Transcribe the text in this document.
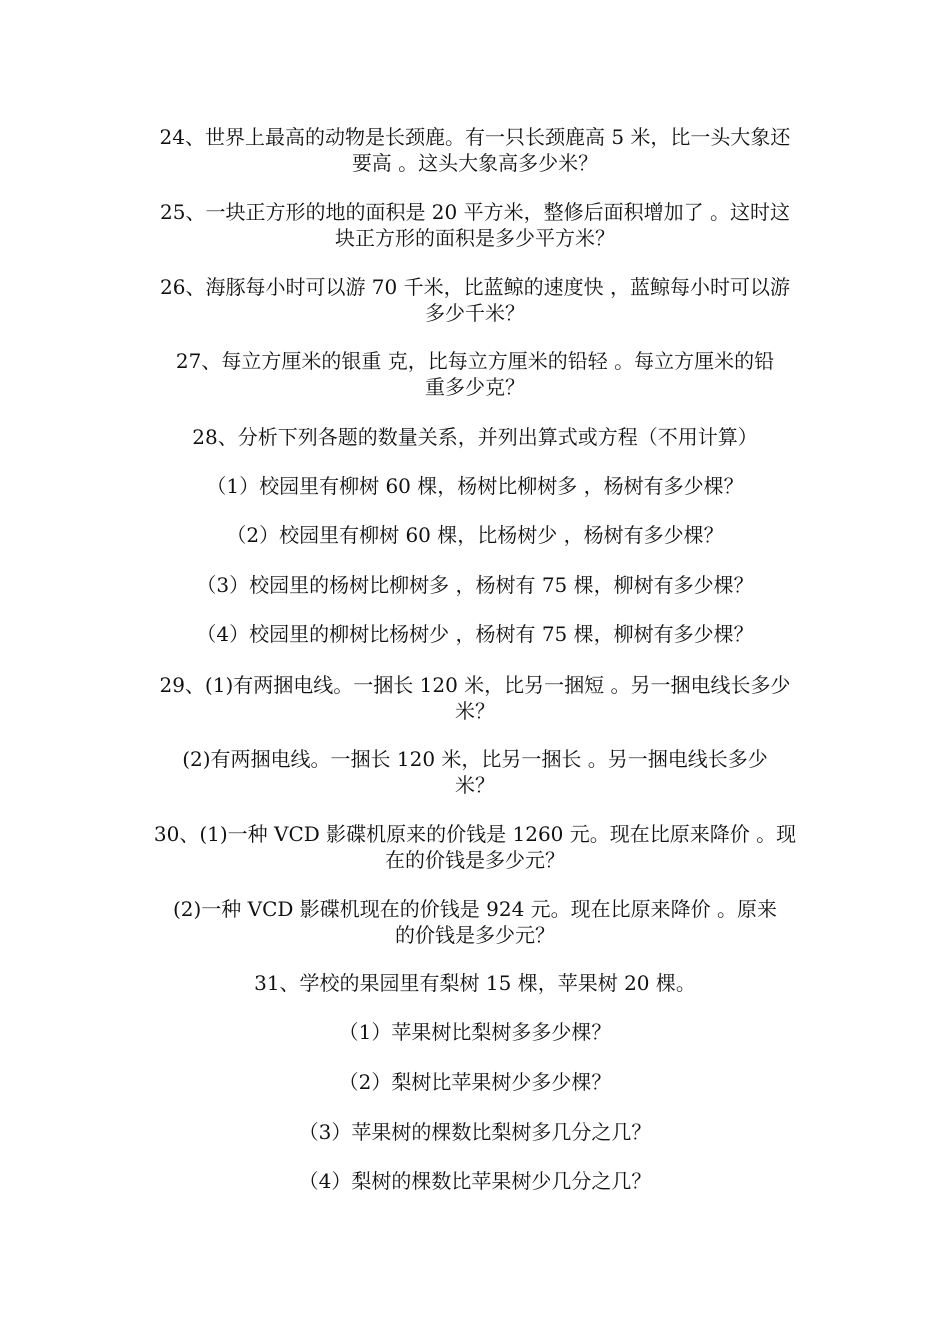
24、世界上最高的动物是长颈鹿。有一只长颈鹿高 5 米，比一头大象还
要高 。这头大象高多少米？
25、一块正方形的地的面积是 20 平方米，整修后面积增加了 。这时这
块正方形的面积是多少平方米？
26、海豚每小时可以游 70 千米，比蓝鲸的速度快 ，蓝鲸每小时可以游
多少千米？
27、每立方厘米的银重 克，比每立方厘米的铅轻 。每立方厘米的铅
重多少克？
28、分析下列各题的数量关系，并列出算式或方程（不用计算）
（1）校园里有柳树 60 棵，杨树比柳树多 ，杨树有多少棵？
（2）校园里有柳树 60 棵，比杨树少 ，杨树有多少棵？
（3）校园里的杨树比柳树多 ，杨树有 75 棵，柳树有多少棵？
（4）校园里的柳树比杨树少 ，杨树有 75 棵，柳树有多少棵？
29、(1)有两捆电线。一捆长 120 米，比另一捆短 。另一捆电线长多少
米？
(2)有两捆电线。一捆长 120 米，比另一捆长 。另一捆电线长多少
米？
30、(1)一种 VCD 影碟机原来的价钱是 1260 元。现在比原来降价 。现
在的价钱是多少元？
(2)一种 VCD 影碟机现在的价钱是 924 元。现在比原来降价 。原来
的价钱是多少元？
31、学校的果园里有梨树 15 棵，苹果树 20 棵。
（1）苹果树比梨树多多少棵？
（2）梨树比苹果树少多少棵？
（3）苹果树的棵数比梨树多几分之几？
（4）梨树的棵数比苹果树少几分之几？
